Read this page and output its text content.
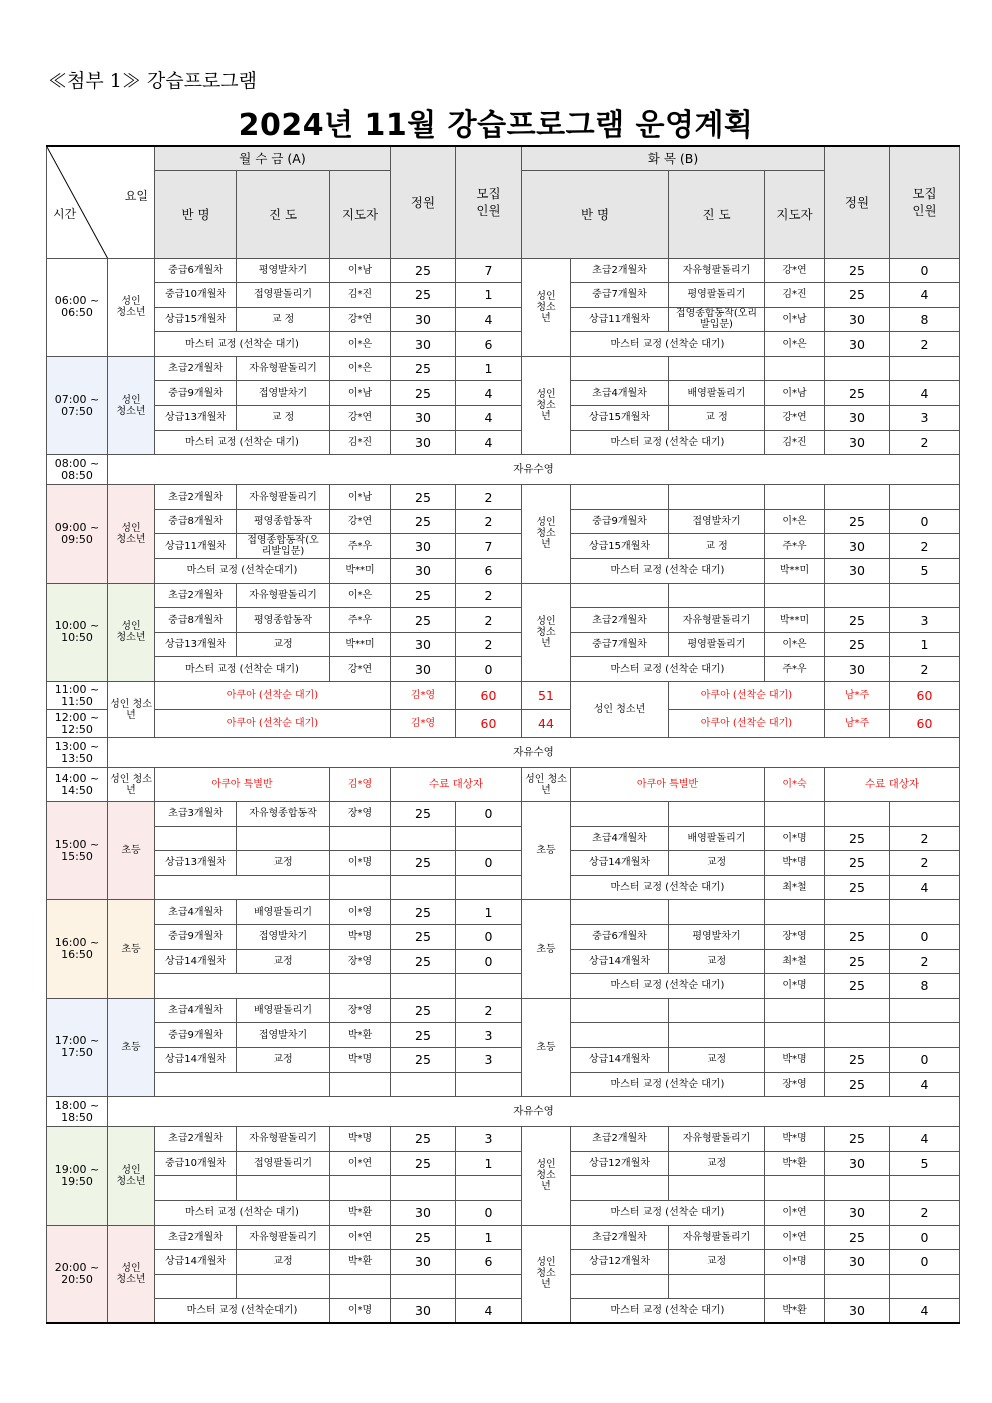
≪첨부 1≫ 강습프로그램
2024년 11월 강습프로그램 운영계획
요일
시간		월 수 금 (A)			정원	모집인원	화 목 (B)				정원	모집인원	
		반 명	진 도	지도자			반 명		진 도	지도자			
06:00 ~ 06:50	성인 청소년	중급6개월차	평영발차기	이*남	25	7	성인 청소년	초급2개월차	자유형팔돌리기	강*연	25	0	
		중급10개월차	접영팔돌리기	김*진	25	1		중급7개월차	평영팔돌리기	김*진	25	4	
		상급15개월차	교 정	강*연	30	4		상급11개월차	접영종합동작(오리발입문)	이*남	30	8	
		마스터 교정 (선착순 대기)		이*은	30	6		마스터 교정 (선착순 대기)		이*은	30	2	
07:00 ~ 07:50	성인 청소년	초급2개월차	자유형팔돌리기	이*은	25	1	성인 청소년						
		중급9개월차	접영발차기	이*남	25	4		초급4개월차	배영팔돌리기	이*남	25	4	
		상급13개월차	교 정	강*연	30	4		상급15개월차	교 정	강*연	30	3	
		마스터 교정 (선착순 대기)		김*진	30	4		마스터 교정 (선착순 대기)		김*진	30	2	
08:00 ~ 08:50	자유수영												
09:00 ~ 09:50	성인 청소년	초급2개월차	자유형팔돌리기	이*남	25	2	성인 청소년						
		중급8개월차	평영종합동작	강*연	25	2		중급9개월차	접영발차기	이*은	25	0	
		상급11개월차	접영종합동작(오리발입문)	주*우	30	7		상급15개월차	교 정	주*우	30	2	
		마스터 교정 (선착순대기)		박**미	30	6		마스터 교정 (선착순 대기)		박**미	30	5	
10:00 ~ 10:50	성인 청소년	초급2개월차	자유형팔돌리기	이*은	25	2	성인 청소년						
		중급8개월차	평영종합동작	주*우	25	2		초급2개월차	자유형팔돌리기	박**미	25	3	
		상급13개월차	교정	박**미	30	2		중급7개월차	평영팔돌리기	이*은	25	1	
		마스터 교정 (선착순 대기)		강*연	30	0		마스터 교정 (선착순 대기)		주*우	30	2	
11:00 ~ 11:50	성인 청소년	아쿠아 (선착순 대기)			김*영	60	51	성인 청소년	아쿠아 (선착순 대기)		남*주	60	
12:00 ~ 12:50		아쿠아 (선착순 대기)			김*영	60	44		아쿠아 (선착순 대기)		남*주	60	
13:00 ~ 13:50	자유수영												
14:00 ~ 14:50	성인 청소년	아쿠아 특별반		김*영	수료 대상자		성인 청소년	아쿠아 특별반		이*숙	수료 대상자		
15:00 ~ 15:50	초등	초급3개월차	자유형종합동작	장*영	25	0	초등						
								초급4개월차	배영팔돌리기	이*명	25	2	
		상급13개월차	교정	이*명	25	0		상급14개월차	교정	박*명	25	2	
								마스터 교정 (선착순 대기)		최*철	25	4	
16:00 ~ 16:50	초등	초급4개월차	배영팔돌리기	이*영	25	1	초등						
		중급9개월차	접영발차기	박*명	25	0		중급6개월차	평영발차기	장*영	25	0	
		상급14개월차	교정	장*영	25	0		상급14개월차	교정	최*철	25	2	
								마스터 교정 (선착순 대기)		이*명	25	8	
17:00 ~ 17:50	초등	초급4개월차	배영팔돌리기	장*영	25	2	초등						
		중급9개월차	접영발차기	박*환	25	3							
		상급14개월차	교정	박*명	25	3		상급14개월차	교정	박*명	25	0	
								마스터 교정 (선착순 대기)		장*영	25	4	
18:00 ~ 18:50	자유수영												
19:00 ~ 19:50	성인 청소년	초급2개월차	자유형팔돌리기	박*명	25	3	성인 청소년	초급2개월차	자유형팔돌리기	박*명	25	4	
		중급10개월차	접영팔돌리기	이*연	25	1		상급12개월차	교정	박*환	30	5	

		마스터 교정 (선착순 대기)		박*환	30	0		마스터 교정 (선착순 대기)		이*연	30	2	
20:00 ~ 20:50	성인 청소년	초급2개월차	자유형팔돌리기	이*연	25	1	성인 청소년	초급2개월차	자유형팔돌리기	이*연	25	0	
		상급14개월차	교정	박*환	30	6		상급12개월차	교정	이*명	30	0	

		마스터 교정 (선착순대기)		이*명	30	4		마스터 교정 (선착순 대기)		박*환	30	4	
